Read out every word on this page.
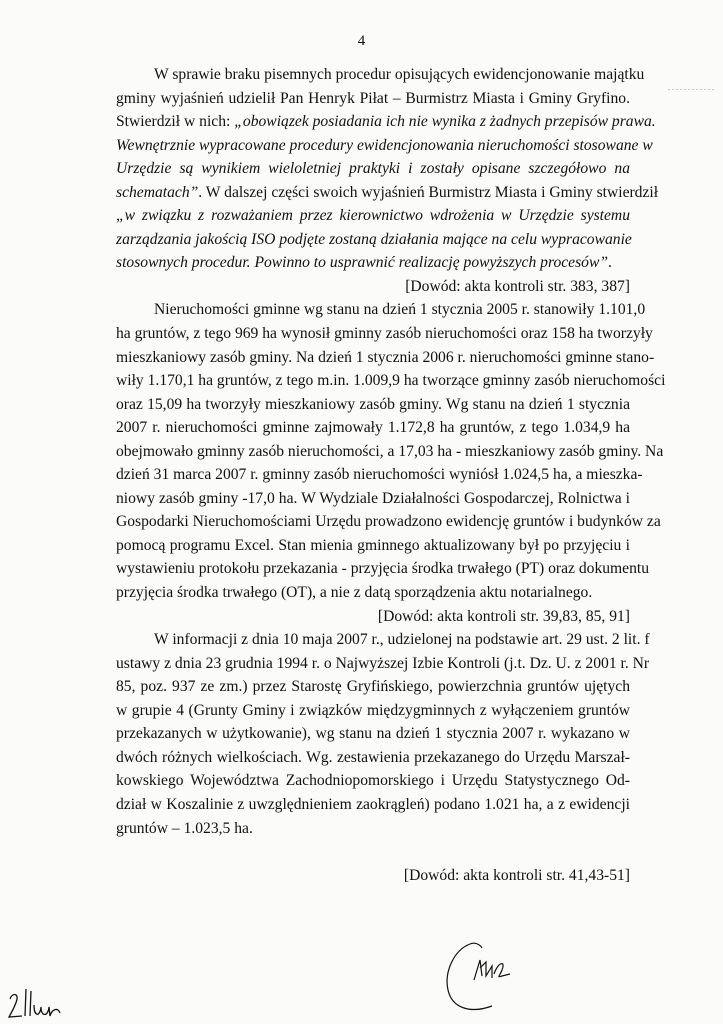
4
W sprawie braku pisemnych procedur opisujących ewidencjonowanie majątku
gminy wyjaśnień udzielił Pan Henryk Piłat – Burmistrz Miasta i Gminy Gryfino.
Stwierdził w nich: „obowiązek posiadania ich nie wynika z żadnych przepisów prawa.
Wewnętrznie wypracowane procedury ewidencjonowania nieruchomości stosowane w
Urzędzie są wynikiem wieloletniej praktyki i zostały opisane szczegółowo na
schematach”. W dalszej części swoich wyjaśnień Burmistrz Miasta i Gminy stwierdził
„w związku z rozważaniem przez kierownictwo wdrożenia w Urzędzie systemu
zarządzania jakością ISO podjęte zostaną działania mające na celu wypracowanie
stosownych procedur. Powinno to usprawnić realizację powyższych procesów”.
[Dowód: akta kontroli str. 383, 387]
Nieruchomości gminne wg stanu na dzień 1 stycznia 2005 r. stanowiły 1.101,0
ha gruntów, z tego 969 ha wynosił gminny zasób nieruchomości oraz 158 ha tworzyły
mieszkaniowy zasób gminy. Na dzień 1 stycznia 2006 r. nieruchomości gminne stano-
wiły 1.170,1 ha gruntów, z tego m.in. 1.009,9 ha tworzące gminny zasób nieruchomości
oraz 15,09 ha tworzyły mieszkaniowy zasób gminy. Wg stanu na dzień 1 stycznia
2007 r. nieruchomości gminne zajmowały 1.172,8 ha gruntów, z tego 1.034,9 ha
obejmowało gminny zasób nieruchomości, a 17,03 ha - mieszkaniowy zasób gminy. Na
dzień 31 marca 2007 r. gminny zasób nieruchomości wyniósł 1.024,5 ha, a mieszka-
niowy zasób gminy -17,0 ha. W Wydziale Działalności Gospodarczej, Rolnictwa i
Gospodarki Nieruchomościami Urzędu prowadzono ewidencję gruntów i budynków za
pomocą programu Excel. Stan mienia gminnego aktualizowany był po przyjęciu i
wystawieniu protokołu przekazania - przyjęcia środka trwałego (PT) oraz dokumentu
przyjęcia środka trwałego (OT), a nie z datą sporządzenia aktu notarialnego.
[Dowód: akta kontroli str. 39,83, 85, 91]
W informacji z dnia 10 maja 2007 r., udzielonej na podstawie art. 29 ust. 2 lit. f
ustawy z dnia 23 grudnia 1994 r. o Najwyższej Izbie Kontroli (j.t. Dz. U. z 2001 r. Nr
85, poz. 937 ze zm.) przez Starostę Gryfińskiego, powierzchnia gruntów ujętych
w grupie 4 (Grunty Gminy i związków międzygminnych z wyłączeniem gruntów
przekazanych w użytkowanie), wg stanu na dzień 1 stycznia 2007 r. wykazano w
dwóch różnych wielkościach. Wg. zestawienia przekazanego do Urzędu Marszał-
kowskiego Województwa Zachodniopomorskiego i Urzędu Statystycznego Od-
dział w Koszalinie z uwzględnieniem zaokrągleń) podano 1.021 ha, a z ewidencji
gruntów – 1.023,5 ha.

[Dowód: akta kontroli str. 41,43-51]
